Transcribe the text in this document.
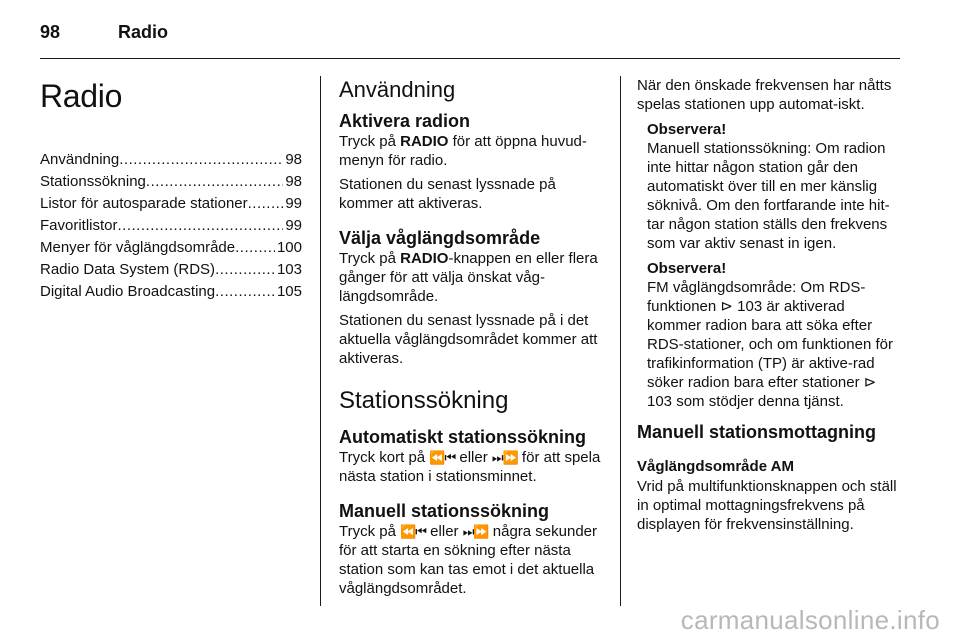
98	Radio
Radio
Användning .....	98
Stationssökning .....	98
Listor för autosparade stationer .....	99
Favoritlistor .....	99
Menyer för våglängdsområde .....	100
Radio Data System (RDS) .....	103
Digital Audio Broadcasting .....	105
Användning
Aktivera radion

Tryck på RADIO för att öppna huvud-menyn för radio.

Stationen du senast lyssnade på kommer att aktiveras.

Välja våglängdsområde

Tryck på RADIO-knappen en eller flera gånger för att välja önskat våg-längdsområde.

Stationen du senast lyssnade på i det aktuella våglängdsområdet kommer att aktiveras.

Stationssökning
Automatiskt stationssökning

Tryck kort på ⏪⏮ eller ⏭⏩ för att spela nästa station i stationsminnet.

Manuell stationssökning

Tryck på ⏪⏮ eller ⏭⏩ några sekunder för att starta en sökning efter nästa station som kan tas emot i det aktuella våglängdsområdet.

När den önskade frekvensen har nåtts spelas stationen upp automat-iskt.

Observera!

Manuell stationssökning: Om radion inte hittar någon station går den automatiskt över till en mer känslig söknivå. Om den fortfarande inte hit-tar någon station ställs den frekvens som var aktiv senast in igen.

Observera!

FM våglängdsområde: Om RDS-funktionen ⊳ 103 är aktiverad kommer radion bara att söka efter RDS-stationer, och om funktionen för trafikinformation (TP) är aktive-rad söker radion bara efter stationer ⊳ 103 som stödjer denna tjänst.

Manuell stationsmottagning
Våglängdsområde AM

Vrid på multifunktionsknappen och ställ in optimal mottagningsfrekvens på displayen för frekvensinställning.

carmanualsonline.info
